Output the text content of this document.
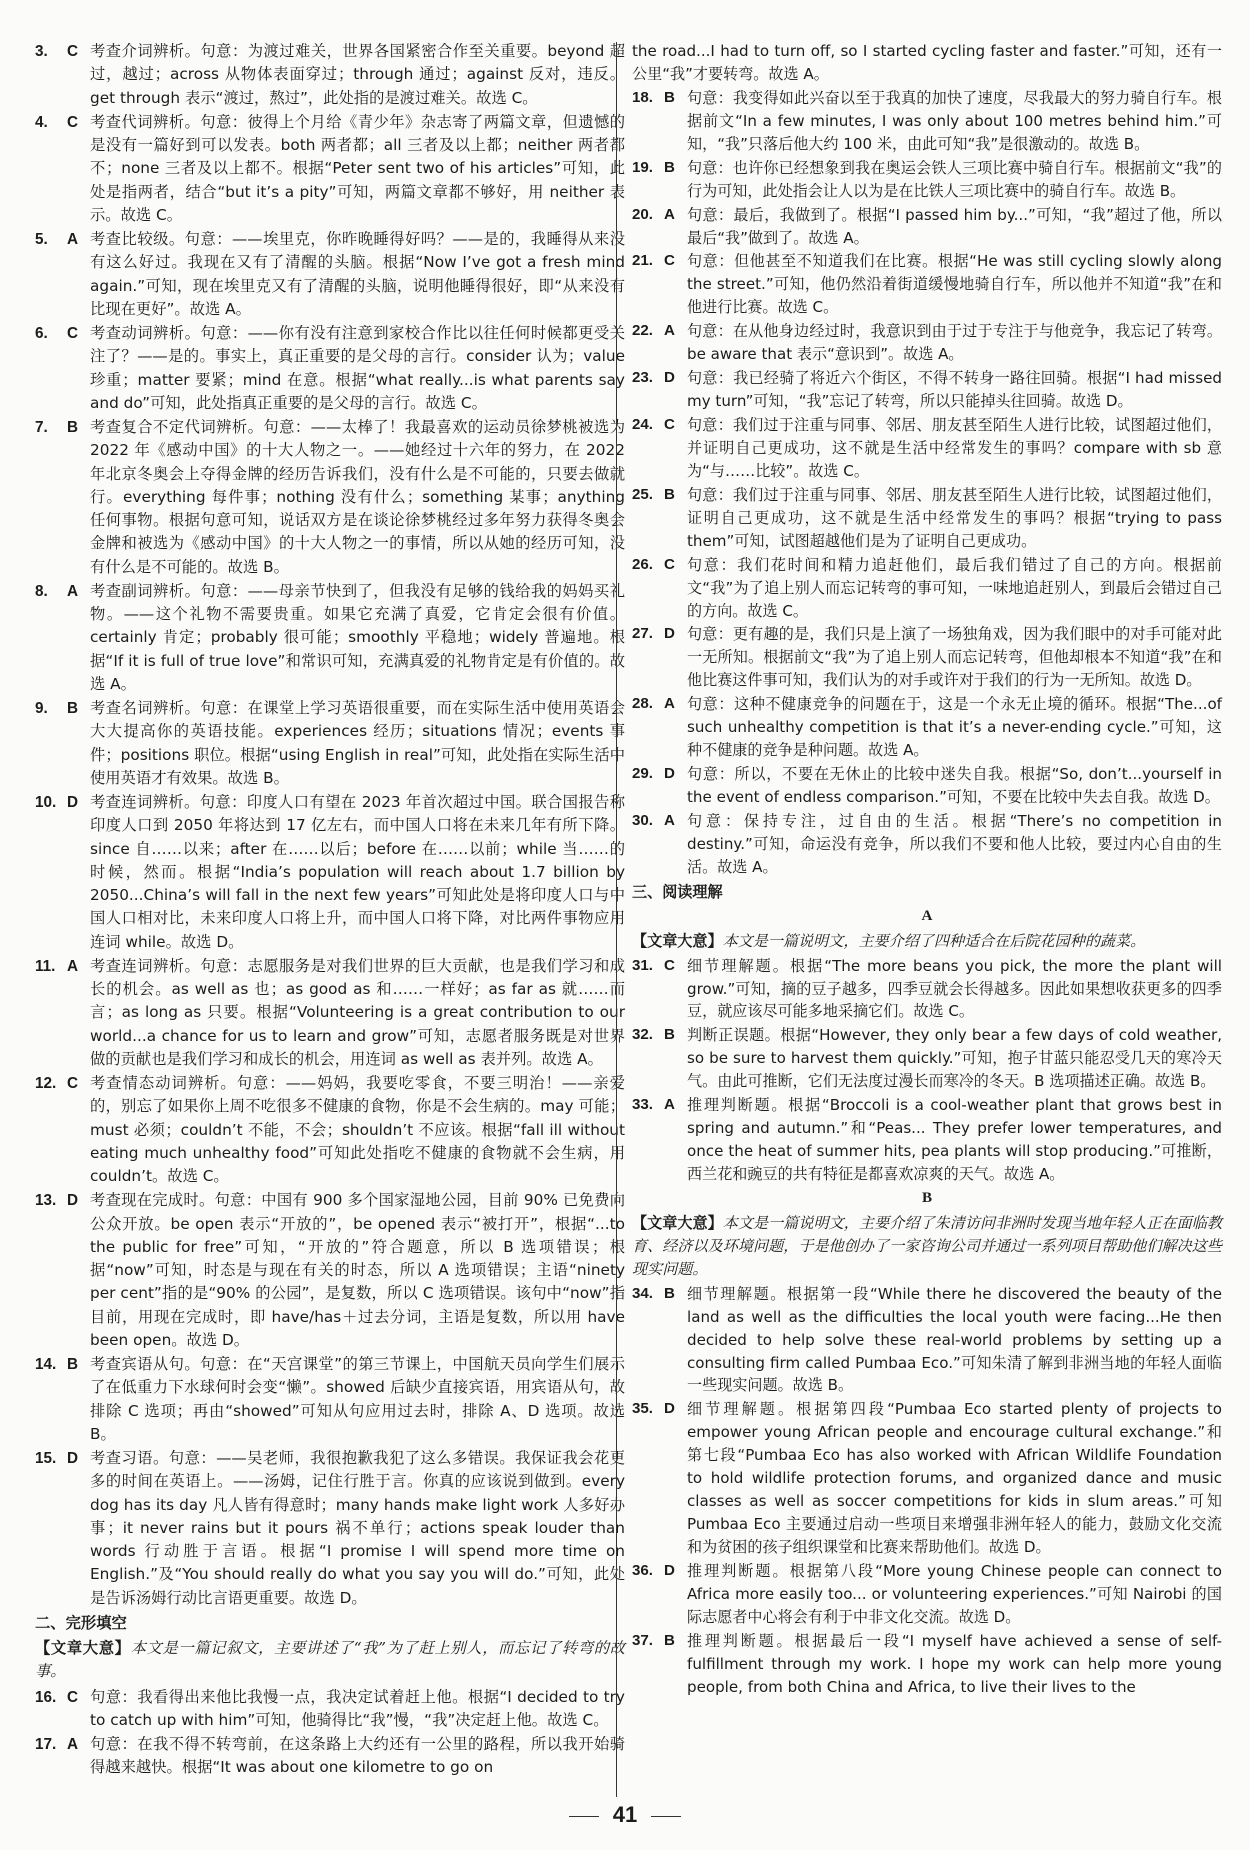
3. C 考查介词辨析。句意：为渡过难关，世界各国紧密合作至关重要。beyond 超过，越过；across 从物体表面穿过；through 通过；against 反对，违反。get through 表示“渡过，熬过”，此处指的是渡过难关。故选 C。
4. C 考查代词辨析。句意：彼得上个月给《青少年》杂志寄了两篇文章，但遗憾的是没有一篇好到可以发表。both 两者都；all 三者及以上都；neither 两者都不；none 三者及以上都不。根据“Peter sent two of his articles”可知，此处是指两者，结合“but it’s a pity”可知，两篇文章都不够好，用 neither 表示。故选 C。
5. A 考查比较级。句意：——埃里克，你昨晚睡得好吗？——是的，我睡得从来没有这么好过。我现在又有了清醒的头脑。根据“Now I’ve got a fresh mind again.”可知，现在埃里克又有了清醒的头脑，说明他睡得很好，即“从来没有比现在更好”。故选 A。
6. C 考查动词辨析。句意：——你有没有注意到家校合作比以往任何时候都更受关注了？——是的。事实上，真正重要的是父母的言行。consider 认为；value 珍重；matter 要紧；mind 在意。根据“what really...is what parents say and do”可知，此处指真正重要的是父母的言行。故选 C。
7. B 考查复合不定代词辨析。句意：——太棒了！我最喜欢的运动员徐梦桃被选为 2022 年《感动中国》的十大人物之一。——她经过十六年的努力，在 2022 年北京冬奥会上夺得金牌的经历告诉我们，没有什么是不可能的，只要去做就行。everything 每件事；nothing 没有什么；something 某事；anything 任何事物。根据句意可知，说话双方是在谈论徐梦桃经过多年努力获得冬奥会金牌和被选为《感动中国》的十大人物之一的事情，所以从她的经历可知，没有什么是不可能的。故选 B。
8. A 考查副词辨析。句意：——母亲节快到了，但我没有足够的钱给我的妈妈买礼物。——这个礼物不需要贵重。如果它充满了真爱，它肯定会很有价值。certainly 肯定；probably 很可能；smoothly 平稳地；widely 普遍地。根据“If it is full of true love”和常识可知，充满真爱的礼物肯定是有价值的。故选 A。
9. B 考查名词辨析。句意：在课堂上学习英语很重要，而在实际生活中使用英语会大大提高你的英语技能。experiences 经历；situations 情况；events 事件；positions 职位。根据“using English in real”可知，此处指在实际生活中使用英语才有效果。故选 B。
10. D 考查连词辨析。句意：印度人口有望在 2023 年首次超过中国。联合国报告称印度人口到 2050 年将达到 17 亿左右，而中国人口将在未来几年有所下降。since 自……以来；after 在……以后；before 在……以前；while 当……的时候，然而。根据“India’s population will reach about 1.7 billion by 2050...China’s will fall in the next few years”可知此处是将印度人口与中国人口相对比，未来印度人口将上升，而中国人口将下降，对比两件事物应用连词 while。故选 D。
11. A 考查连词辨析。句意：志愿服务是对我们世界的巨大贡献，也是我们学习和成长的机会。as well as 也；as good as 和……一样好；as far as 就……而言；as long as 只要。根据“Volunteering is a great contribution to our world...a chance for us to learn and grow”可知，志愿者服务既是对世界做的贡献也是我们学习和成长的机会，用连词 as well as 表并列。故选 A。
12. C 考查情态动词辨析。句意：——妈妈，我要吃零食，不要三明治！——亲爱的，别忘了如果你上周不吃很多不健康的食物，你是不会生病的。may 可能；must 必须；couldn’t 不能，不会；shouldn’t 不应该。根据“fall ill without eating much unhealthy food”可知此处指吃不健康的食物就不会生病，用 couldn’t。故选 C。
13. D 考查现在完成时。句意：中国有 900 多个国家湿地公园，目前 90% 已免费向公众开放。be open 表示“开放的”，be opened 表示“被打开”，根据“...to the public for free”可知，“开放的”符合题意，所以 B 选项错误；根据“now”可知，时态是与现在有关的时态，所以 A 选项错误；主语“ninety per cent”指的是“90% 的公园”，是复数，所以 C 选项错误。该句中“now”指目前，用现在完成时，即 have/has＋过去分词，主语是复数，所以用 have been open。故选 D。
14. B 考查宾语从句。句意：在“天宫课堂”的第三节课上，中国航天员向学生们展示了在低重力下水球何时会变“懒”。showed 后缺少直接宾语，用宾语从句，故排除 C 选项；再由“showed”可知从句应用过去时，排除 A、D 选项。故选 B。
15. D 考查习语。句意：——吴老师，我很抱歉我犯了这么多错误。我保证我会花更多的时间在英语上。——汤姆，记住行胜于言。你真的应该说到做到。every dog has its day 凡人皆有得意时；many hands make light work 人多好办事；it never rains but it pours 祸不单行；actions speak louder than words 行动胜于言语。根据“I promise I will spend more time on English.”及“You should really do what you say you will do.”可知，此处是告诉汤姆行动比言语更重要。故选 D。
二、完形填空
【文章大意】本文是一篇记叙文，主要讲述了“我”为了赶上别人，而忘记了转弯的故事。
16. C 句意：我看得出来他比我慢一点，我决定试着赶上他。根据“I decided to try to catch up with him”可知，他骑得比“我”慢，“我”决定赶上他。故选 C。
17. A 句意：在我不得不转弯前，在这条路上大约还有一公里的路程，所以我开始骑得越来越快。根据“It was about one kilometre to go on
the road...I had to turn off, so I started cycling faster and faster.”可知，还有一公里“我”才要转弯。故选 A。
18. B 句意：我变得如此兴奋以至于我真的加快了速度，尽我最大的努力骑自行车。根据前文“In a few minutes, I was only about 100 metres behind him.”可知，“我”只落后他大约 100 米，由此可知“我”是很激动的。故选 B。
19. B 句意：也许你已经想象到我在奥运会铁人三项比赛中骑自行车。根据前文“我”的行为可知，此处指会让人以为是在比铁人三项比赛中的骑自行车。故选 B。
20. A 句意：最后，我做到了。根据“I passed him by...”可知，“我”超过了他，所以最后“我”做到了。故选 A。
21. C 句意：但他甚至不知道我们在比赛。根据“He was still cycling slowly along the street.”可知，他仍然沿着街道缓慢地骑自行车，所以他并不知道“我”在和他进行比赛。故选 C。
22. A 句意：在从他身边经过时，我意识到由于过于专注于与他竞争，我忘记了转弯。be aware that 表示“意识到”。故选 A。
23. D 句意：我已经骑了将近六个街区，不得不转身一路往回骑。根据“I had missed my turn”可知，“我”忘记了转弯，所以只能掉头往回骑。故选 D。
24. C 句意：我们过于注重与同事、邻居、朋友甚至陌生人进行比较，试图超过他们，并证明自己更成功，这不就是生活中经常发生的事吗？compare with sb 意为“与……比较”。故选 C。
25. B 句意：我们过于注重与同事、邻居、朋友甚至陌生人进行比较，试图超过他们，证明自己更成功，这不就是生活中经常发生的事吗？根据“trying to pass them”可知，试图超越他们是为了证明自己更成功。
26. C 句意：我们花时间和精力追赶他们，最后我们错过了自己的方向。根据前文“我”为了追上别人而忘记转弯的事可知，一味地追赶别人，到最后会错过自己的方向。故选 C。
27. D 句意：更有趣的是，我们只是上演了一场独角戏，因为我们眼中的对手可能对此一无所知。根据前文“我”为了追上别人而忘记转弯，但他却根本不知道“我”在和他比赛这件事可知，我们认为的对手或许对于我们的行为一无所知。故选 D。
28. A 句意：这种不健康竞争的问题在于，这是一个永无止境的循环。根据“The...of such unhealthy competition is that it’s a never-ending cycle.”可知，这种不健康的竞争是种问题。故选 A。
29. D 句意：所以，不要在无休止的比较中迷失自我。根据“So, don’t...yourself in the event of endless comparison.”可知，不要在比较中失去自我。故选 D。
30. A 句意：保持专注，过自由的生活。根据“There’s no competition in destiny.”可知，命运没有竞争，所以我们不要和他人比较，要过内心自由的生活。故选 A。
三、阅读理解
A
【文章大意】本文是一篇说明文，主要介绍了四种适合在后院花园种的蔬菜。
31. C 细节理解题。根据“The more beans you pick, the more the plant will grow.”可知，摘的豆子越多，四季豆就会长得越多。因此如果想收获更多的四季豆，就应该尽可能多地采摘它们。故选 C。
32. B 判断正误题。根据“However, they only bear a few days of cold weather, so be sure to harvest them quickly.”可知，抱子甘蓝只能忍受几天的寒冷天气。由此可推断，它们无法度过漫长而寒冷的冬天。B 选项描述正确。故选 B。
33. A 推理判断题。根据“Broccoli is a cool-weather plant that grows best in spring and autumn.”和“Peas... They prefer lower temperatures, and once the heat of summer hits, pea plants will stop producing.”可推断，西兰花和豌豆的共有特征是都喜欢凉爽的天气。故选 A。
B
【文章大意】本文是一篇说明文，主要介绍了朱清访问非洲时发现当地年轻人正在面临教育、经济以及环境问题，于是他创办了一家咨询公司并通过一系列项目帮助他们解决这些现实问题。
34. B 细节理解题。根据第一段“While there he discovered the beauty of the land as well as the difficulties the local youth were facing...He then decided to help solve these real-world problems by setting up a consulting firm called Pumbaa Eco.”可知朱清了解到非洲当地的年轻人面临一些现实问题。故选 B。
35. D 细节理解题。根据第四段“Pumbaa Eco started plenty of projects to empower young African people and encourage cultural exchange.”和第七段“Pumbaa Eco has also worked with African Wildlife Foundation to hold wildlife protection forums, and organized dance and music classes as well as soccer competitions for kids in slum areas.”可知 Pumbaa Eco 主要通过启动一些项目来增强非洲年轻人的能力，鼓励文化交流和为贫困的孩子组织课堂和比赛来帮助他们。故选 D。
36. D 推理判断题。根据第八段“More young Chinese people can connect to Africa more easily too... or volunteering experiences.”可知 Nairobi 的国际志愿者中心将会有利于中非文化交流。故选 D。
37. B 推理判断题。根据最后一段“I myself have achieved a sense of self-fulfillment through my work. I hope my work can help more young people, from both China and Africa, to live their lives to the
41
